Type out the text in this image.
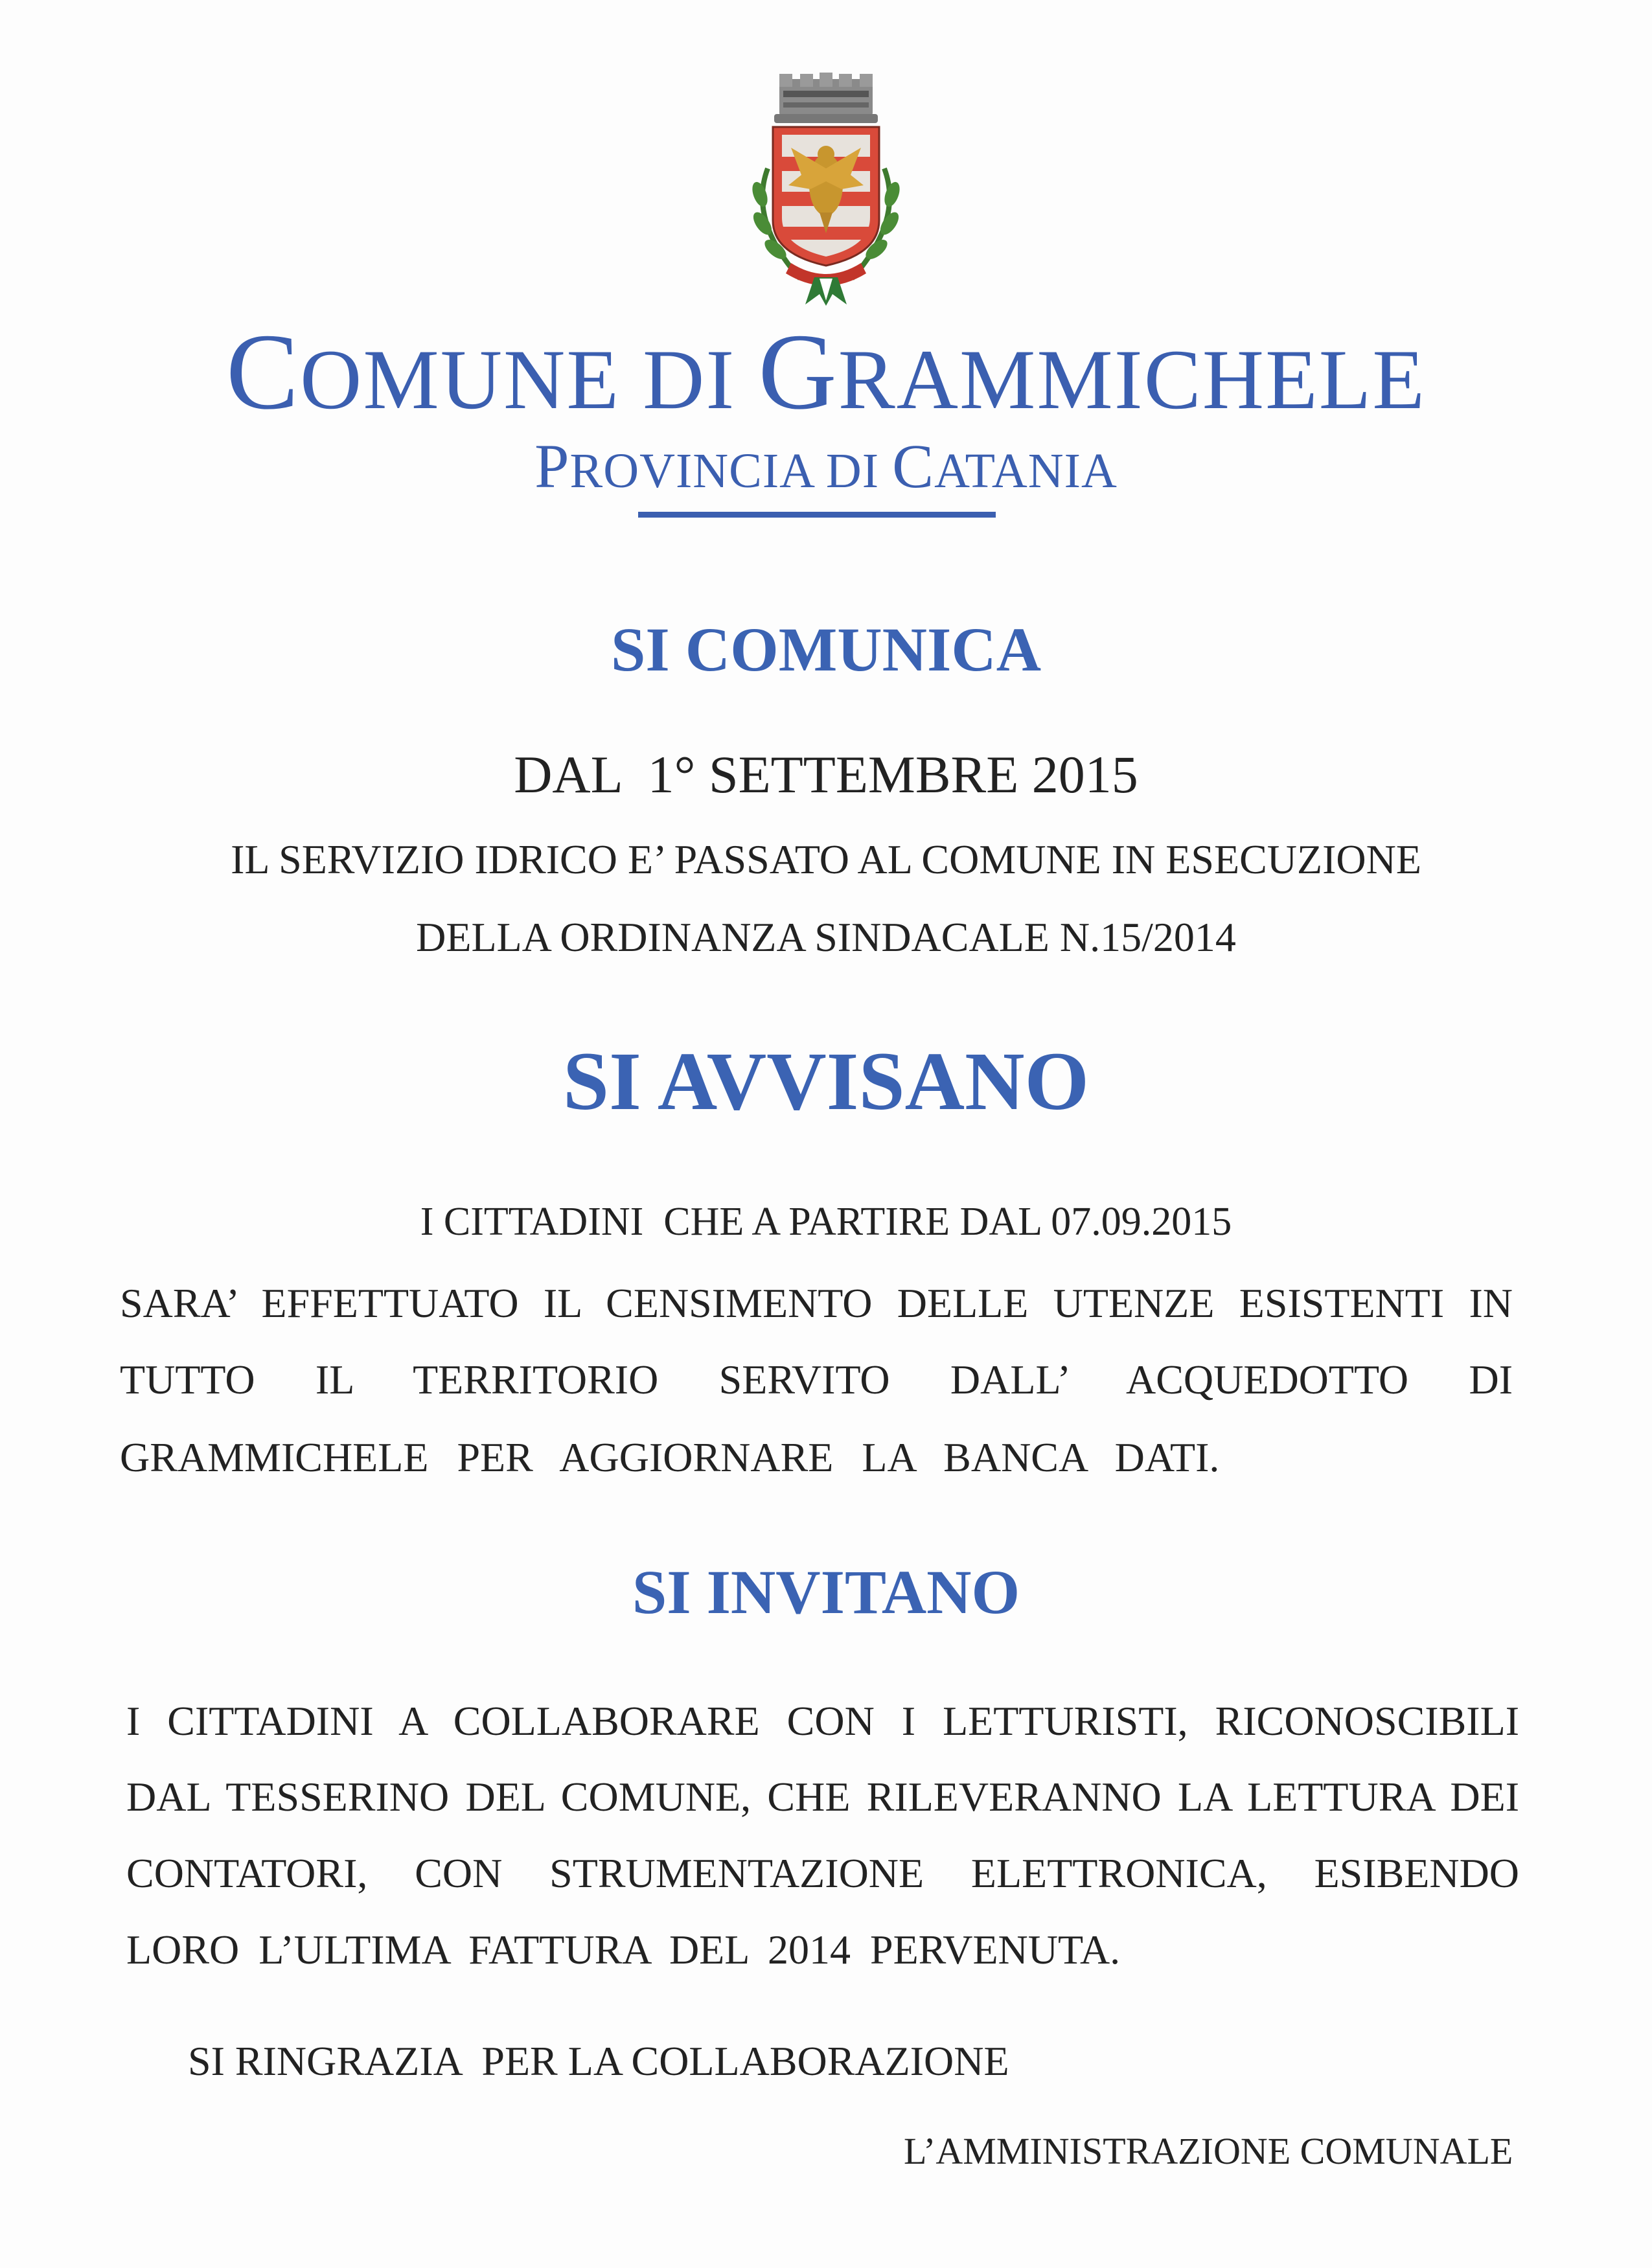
COMUNE DI GRAMMICHELE
PROVINCIA DI CATANIA
SI COMUNICA
DAL  1° SETTEMBRE 2015
IL SERVIZIO IDRICO E’ PASSATO AL COMUNE IN ESECUZIONE
DELLA ORDINANZA SINDACALE N.15/2014
SI AVVISANO
I CITTADINI  CHE A PARTIRE DAL 07.09.2015
SARA’ EFFETTUATO IL CENSIMENTO DELLE UTENZE ESISTENTI IN
TUTTO IL TERRITORIO SERVITO DALL’ ACQUEDOTTO DI
GRAMMICHELE PER AGGIORNARE LA BANCA DATI.
SI INVITANO
I CITTADINI A COLLABORARE CON I LETTURISTI, RICONOSCIBILI
DAL TESSERINO DEL COMUNE, CHE RILEVERANNO LA LETTURA DEI
CONTATORI, CON STRUMENTAZIONE ELETTRONICA, ESIBENDO
LORO L’ULTIMA FATTURA DEL 2014 PERVENUTA.
SI RINGRAZIA  PER LA COLLABORAZIONE
L’AMMINISTRAZIONE COMUNALE
